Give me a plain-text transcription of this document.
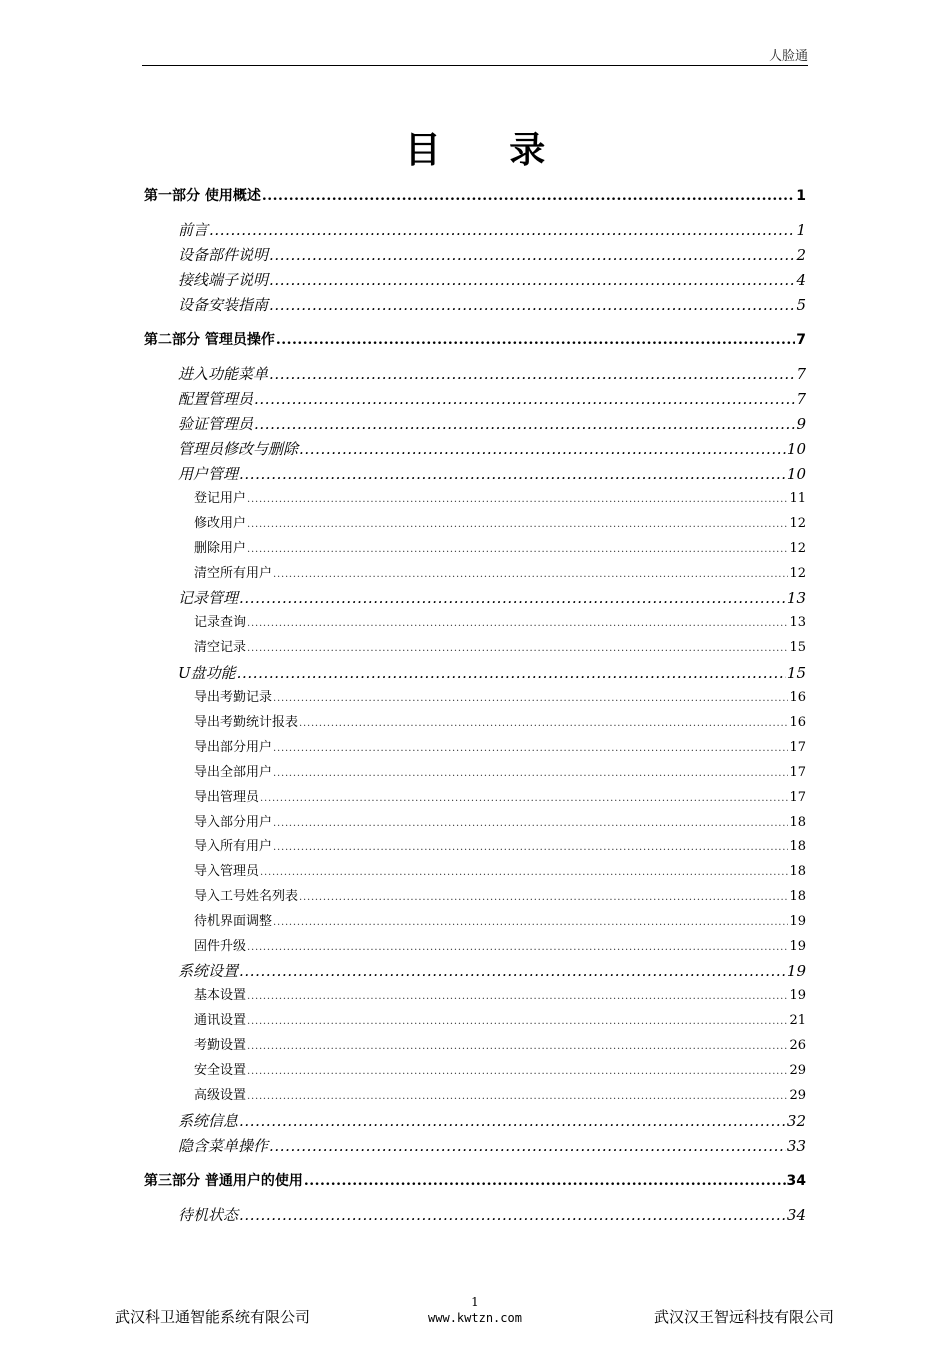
人脸通
目 录
第一部分 使用概述 .....	1
前言 .....	1
设备部件说明 .....	2
接线端子说明 .....	4
设备安装指南 .....	5
第二部分 管理员操作 .....	7
进入功能菜单 .....	7
配置管理员 .....	7
验证管理员 .....	9
管理员修改与删除 .....	10
用户管理 .....	10
登记用户 .....	11
修改用户 .....	12
删除用户 .....	12
清空所有用户 .....	12
记录管理 .....	13
记录查询 .....	13
清空记录 .....	15
U盘功能 .....	15
导出考勤记录 .....	16
导出考勤统计报表 .....	16
导出部分用户 .....	17
导出全部用户 .....	17
导出管理员 .....	17
导入部分用户 .....	18
导入所有用户 .....	18
导入管理员 .....	18
导入工号姓名列表 .....	18
待机界面调整 .....	19
固件升级 .....	19
系统设置 .....	19
基本设置 .....	19
通讯设置 .....	21
考勤设置 .....	26
安全设置 .....	29
高级设置 .....	29
系统信息 .....	32
隐含菜单操作 .....	33
第三部分 普通用户的使用 .....	34
待机状态 .....	34
武汉科卫通智能系统有限公司
1
www.kwtzn.com	武汉汉王智远科技有限公司
